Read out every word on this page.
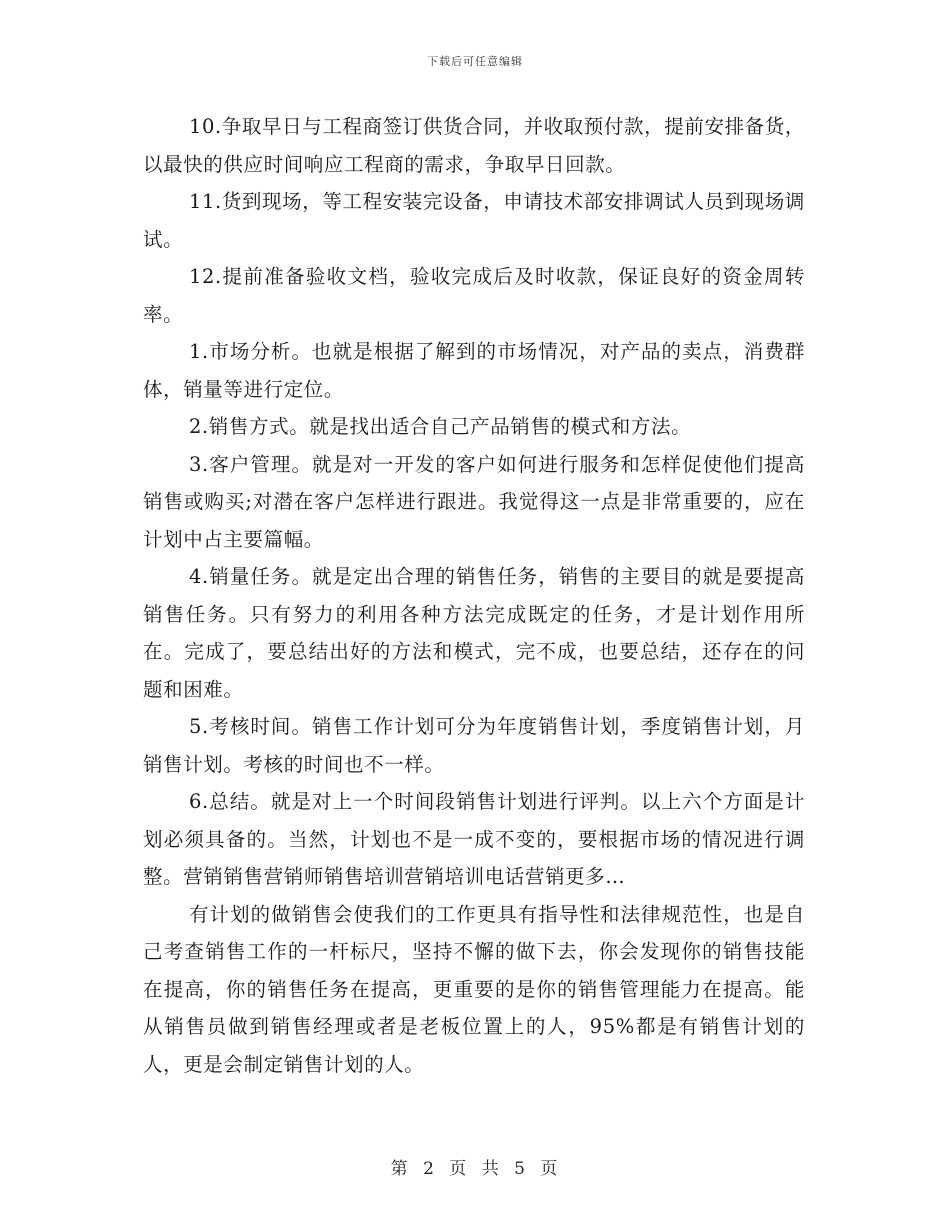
下载后可任意编辑

10.争取早日与工程商签订供货合同，并收取预付款，提前安排备货，以最快的供应时间响应工程商的需求，争取早日回款。

11.货到现场，等工程安装完设备，申请技术部安排调试人员到现场调试。

12.提前准备验收文档，验收完成后及时收款，保证良好的资金周转率。

1.市场分析。也就是根据了解到的市场情况，对产品的卖点，消费群体，销量等进行定位。

2.销售方式。就是找出适合自己产品销售的模式和方法。

3.客户管理。就是对一开发的客户如何进行服务和怎样促使他们提高销售或购买;对潜在客户怎样进行跟进。我觉得这一点是非常重要的，应在计划中占主要篇幅。

4.销量任务。就是定出合理的销售任务，销售的主要目的就是要提高销售任务。只有努力的利用各种方法完成既定的任务，才是计划作用所在。完成了，要总结出好的方法和模式，完不成，也要总结，还存在的问题和困难。

5.考核时间。销售工作计划可分为年度销售计划，季度销售计划，月销售计划。考核的时间也不一样。

6.总结。就是对上一个时间段销售计划进行评判。以上六个方面是计划必须具备的。当然，计划也不是一成不变的，要根据市场的情况进行调整。营销销售营销师销售培训营销培训电话营销更多…

有计划的做销售会使我们的工作更具有指导性和法律规范性，也是自己考查销售工作的一杆标尺，坚持不懈的做下去，你会发现你的销售技能在提高，你的销售任务在提高，更重要的是你的销售管理能力在提高。能从销售员做到销售经理或者是老板位置上的人，95%都是有销售计划的人，更是会制定销售计划的人。

第 2 页 共 5 页
